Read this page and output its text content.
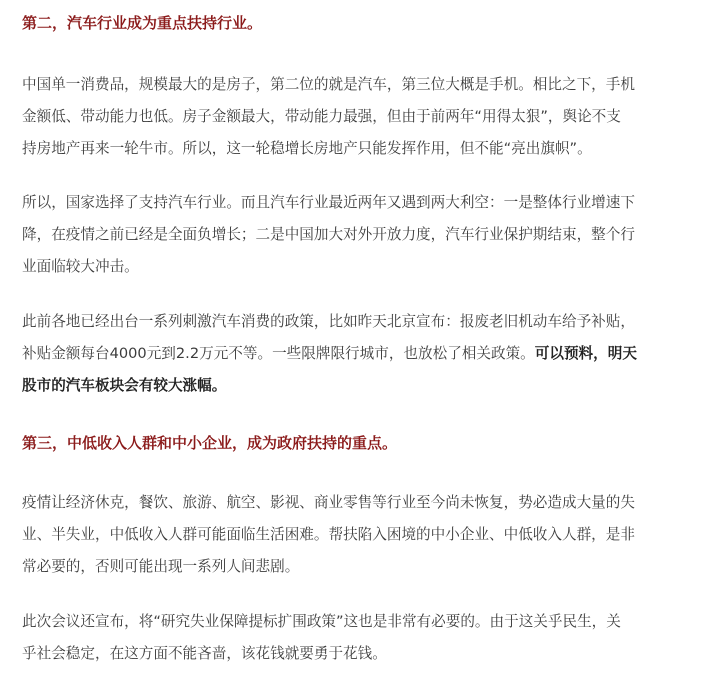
第二，汽车行业成为重点扶持行业。
中国单一消费品，规模最大的是房子，第二位的就是汽车，第三位大概是手机。相比之下，手机
金额低、带动能力也低。房子金额最大，带动能力最强，但由于前两年“用得太狠”，舆论不支
持房地产再来一轮牛市。所以，这一轮稳增长房地产只能发挥作用，但不能“亮出旗帜”。
所以，国家选择了支持汽车行业。而且汽车行业最近两年又遇到两大利空：一是整体行业增速下
降，在疫情之前已经是全面负增长；二是中国加大对外开放力度，汽车行业保护期结束，整个行
业面临较大冲击。
此前各地已经出台一系列刺激汽车消费的政策，比如昨天北京宣布：报废老旧机动车给予补贴，
补贴金额每台4000元到2.2万元不等。一些限牌限行城市，也放松了相关政策。可以预料，明天
股市的汽车板块会有较大涨幅。
第三，中低收入人群和中小企业，成为政府扶持的重点。
疫情让经济休克，餐饮、旅游、航空、影视、商业零售等行业至今尚未恢复，势必造成大量的失
业、半失业，中低收入人群可能面临生活困难。帮扶陷入困境的中小企业、中低收入人群，是非
常必要的，否则可能出现一系列人间悲剧。
此次会议还宣布，将“研究失业保障提标扩围政策”这也是非常有必要的。由于这关乎民生，关
乎社会稳定，在这方面不能吝啬，该花钱就要勇于花钱。
